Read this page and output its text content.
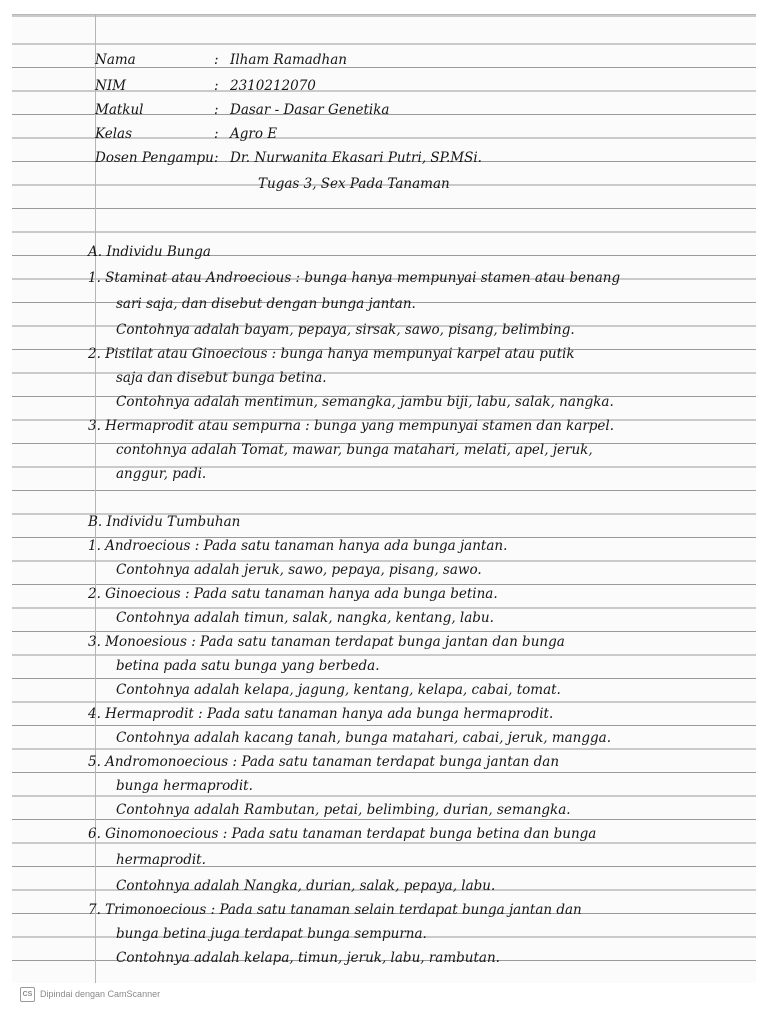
Nama	: Ilham Ramadhan
NIM	: 2310212070
Matkul	: Dasar - Dasar Genetika
Kelas	: Agro E
Dosen Pengampu : Dr. Nurwanita Ekasari Putri, SP.MSi.
Tugas 3, Sex Pada Tanaman
A. Individu Bunga
1. Staminat atau Androecious : bunga hanya mempunyai stamen atau benang
sari saja, dan disebut dengan bunga jantan.
Contohnya adalah bayam, pepaya, sirsak, sawo, pisang, belimbing.
2. Pistilat atau Ginoecious : bunga hanya mempunyai karpel atau putik
saja dan disebut bunga betina.
Contohnya adalah mentimun, semangka, jambu biji, labu, salak, nangka.
3. Hermaprodit atau sempurna : bunga yang mempunyai stamen dan karpel.
contohnya adalah Tomat, mawar, bunga matahari, melati, apel, jeruk,
anggur, padi.
B. Individu Tumbuhan
1. Androecious : Pada satu tanaman hanya ada bunga jantan.
Contohnya adalah jeruk, sawo, pepaya, pisang, sawo.
2. Ginoecious : Pada satu tanaman hanya ada bunga betina.
Contohnya adalah timun, salak, nangka, kentang, labu.
3. Monoesious : Pada satu tanaman terdapat bunga jantan dan bunga
betina pada satu bunga yang berbeda.
Contohnya adalah kelapa, jagung, kentang, kelapa, cabai, tomat.
4. Hermaprodit : Pada satu tanaman hanya ada bunga hermaprodit.
Contohnya adalah kacang tanah, bunga matahari, cabai, jeruk, mangga.
5. Andromonoecious : Pada satu tanaman terdapat bunga jantan dan
bunga hermaprodit.
Contohnya adalah Rambutan, petai, belimbing, durian, semangka.
6. Ginomonoecious : Pada satu tanaman terdapat bunga betina dan bunga
hermaprodit.
Contohnya adalah Nangka, durian, salak, pepaya, labu.
7. Trimonoecious : Pada satu tanaman selain terdapat bunga jantan dan
bunga betina juga terdapat bunga sempurna.
Contohnya adalah kelapa, timun, jeruk, labu, rambutan.
CS Dipindai dengan CamScanner
